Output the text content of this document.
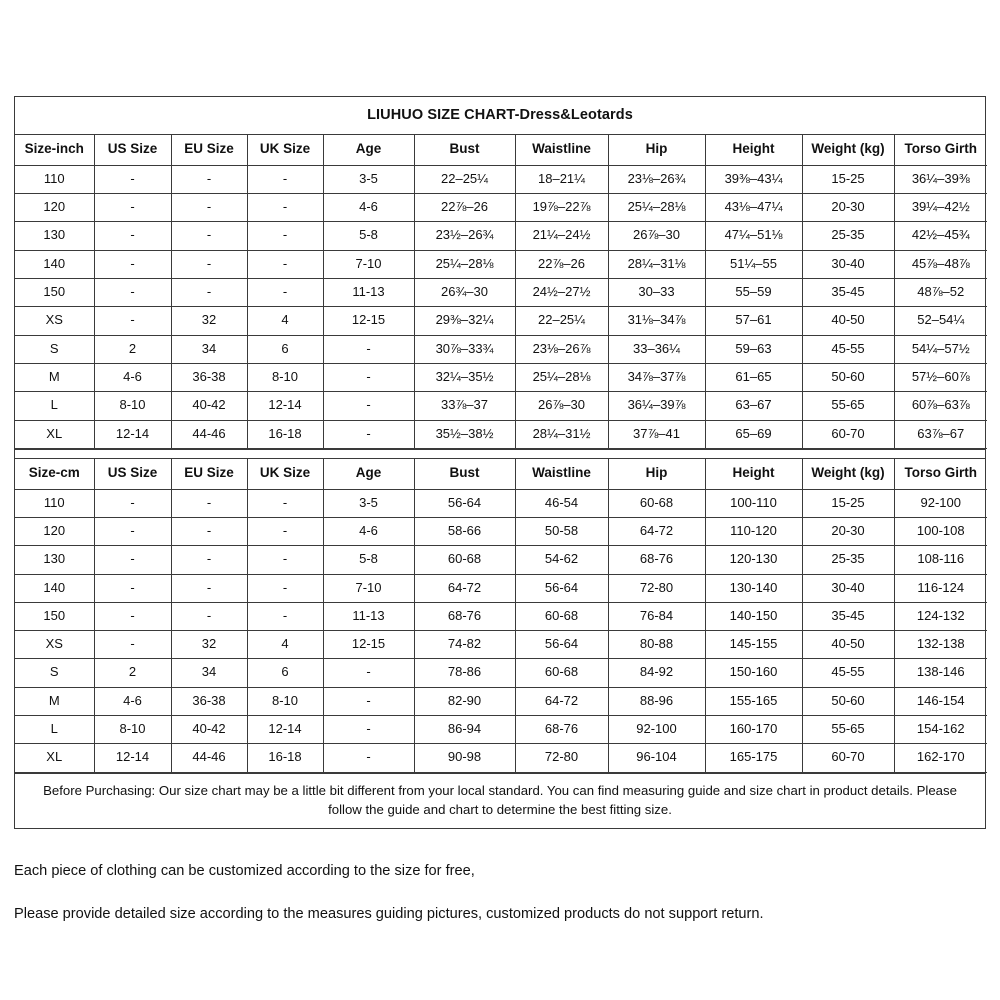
LIUHUO SIZE CHART-Dress&Leotards
Size-inch	US Size	EU Size	UK Size	Age	Bust	Waistline	Hip	Height	Weight (kg)	Torso Girth
110	-	-	-	3-5	22–25¼	18–21¼	23⅛–26¾	39⅜–43¼	15-25	36¼–39⅜
120	-	-	-	4-6	22⅞–26	19⅞–22⅞	25¼–28⅛	43⅛–47¼	20-30	39¼–42½
130	-	-	-	5-8	23½–26¾	21¼–24½	26⅞–30	47¼–51⅛	25-35	42½–45¾
140	-	-	-	7-10	25¼–28⅛	22⅞–26	28¼–31⅛	51¼–55	30-40	45⅞–48⅞
150	-	-	-	11-13	26¾–30	24½–27½	30–33	55–59	35-45	48⅞–52
XS	-	32	4	12-15	29⅜–32¼	22–25¼	31⅛–34⅞	57–61	40-50	52–54¼
S	2	34	6	-	30⅞–33¾	23⅛–26⅞	33–36¼	59–63	45-55	54¼–57½
M	4-6	36-38	8-10	-	32¼–35½	25¼–28⅛	34⅞–37⅞	61–65	50-60	57½–60⅞
L	8-10	40-42	12-14	-	33⅞–37	26⅞–30	36¼–39⅞	63–67	55-65	60⅞–63⅞
XL	12-14	44-46	16-18	-	35½–38½	28¼–31½	37⅞–41	65–69	60-70	63⅞–67
Size-cm	US Size	EU Size	UK Size	Age	Bust	Waistline	Hip	Height	Weight (kg)	Torso Girth
110	-	-	-	3-5	56-64	46-54	60-68	100-110	15-25	92-100
120	-	-	-	4-6	58-66	50-58	64-72	110-120	20-30	100-108
130	-	-	-	5-8	60-68	54-62	68-76	120-130	25-35	108-116
140	-	-	-	7-10	64-72	56-64	72-80	130-140	30-40	116-124
150	-	-	-	11-13	68-76	60-68	76-84	140-150	35-45	124-132
XS	-	32	4	12-15	74-82	56-64	80-88	145-155	40-50	132-138
S	2	34	6	-	78-86	60-68	84-92	150-160	45-55	138-146
M	4-6	36-38	8-10	-	82-90	64-72	88-96	155-165	50-60	146-154
L	8-10	40-42	12-14	-	86-94	68-76	92-100	160-170	55-65	154-162
XL	12-14	44-46	16-18	-	90-98	72-80	96-104	165-175	60-70	162-170
Before Purchasing: Our size chart may be a little bit different from your local standard. You can find measuring guide and size chart in product details. Please follow the guide and chart to determine the best fitting size.

Each piece of clothing can be customized according to the size for free,

Please provide detailed size according to the measures guiding pictures, customized products do not support return.
